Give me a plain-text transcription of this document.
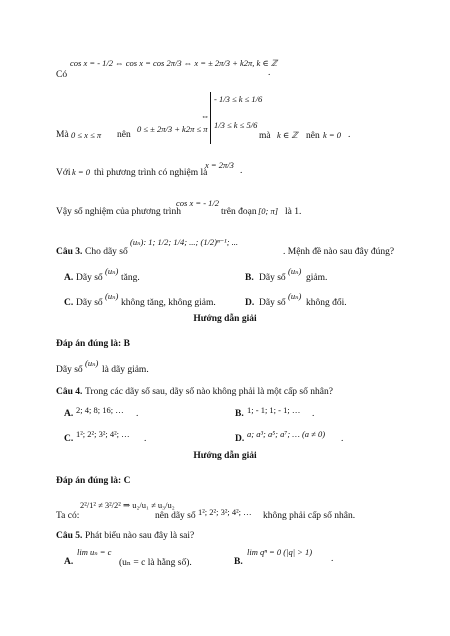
cos x = - 1/2 ⇔ cos x = cos 2π/3 ⇔ x = ± 2π/3 + k2π, k ∈ ℤ
Có	.
Mà 0 ≤ x ≤ π nên
0 ≤ ± 2π/3 + k2π ≤ π
⇔
- 1/3 ≤ k ≤ 1/6
1/3 ≤ k ≤ 5/6
mà k ∈ ℤ nên k = 0 .
Với k = 0 thì phương trình có nghiệm là
x = 2π/3
.
Vậy số nghiệm của phương trình
cos x = - 1/2
trên đoạn [0; π] là 1.
Câu 3. Cho dãy số
(uₙ): 1; 1/2; 1/4; ...; (1/2)ⁿ⁻¹; ...
. Mệnh đề nào sau đây đúng?
A. Dãy số
(uₙ)
tăng.	B. Dãy số
(uₙ)
giảm.
C. Dãy số
(uₙ)
không tăng, không giảm.	D. Dãy số
(uₙ)
không đổi.
Hướng dẫn giải
Đáp án đúng là: B
Dãy số
(uₙ)
là dãy giảm.
Câu 4. Trong các dãy số sau, dãy số nào không phải là một cấp số nhân?
A. 2; 4; 8; 16; … .	B. 1; - 1; 1; - 1; … .
C. 1²; 2²; 3²; 4²; … .	D. a; a³; a⁵; a⁷; … (a ≠ 0) .
Hướng dẫn giải
Đáp án đúng là: C
Ta có:
2²/1² ≠ 3²/2² ⇒ u₂/u₁ ≠ u₃/u₂
nên dãy số 1²; 2²; 3²; 4²; … không phải cấp số nhân.
Câu 5. Phát biểu nào sau đây là sai?
A.
lim uₙ = c
(uₙ = c là hằng số).	B.
lim qⁿ = 0 (|q| > 1)
.
